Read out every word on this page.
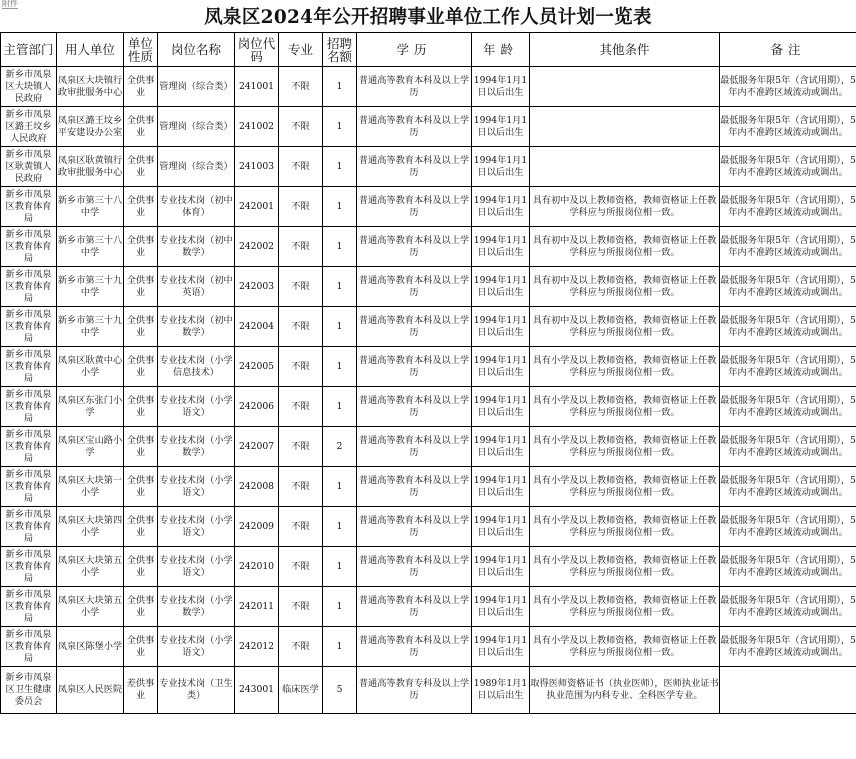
附件
凤泉区2024年公开招聘事业单位工作人员计划一览表
主管部门	用人单位	单位性质	岗位名称	岗位代码	专业	招聘名额	学历	年龄	其他条件	备注
新乡市凤泉区大块镇人民政府	凤泉区大块镇行政审批服务中心	全供事业	管理岗（综合类）	241001	不限	1	普通高等教育本科及以上学历	1994年1月1日以后出生		最低服务年限5年（含试用期），5年内不准跨区域流动或调出。
新乡市凤泉区潞王坟乡人民政府	凤泉区潞王坟乡平安建设办公室	全供事业	管理岗（综合类）	241002	不限	1	普通高等教育本科及以上学历	1994年1月1日以后出生		最低服务年限5年（含试用期），5年内不准跨区域流动或调出。
新乡市凤泉区耿黄镇人民政府	凤泉区耿黄镇行政审批服务中心	全供事业	管理岗（综合类）	241003	不限	1	普通高等教育本科及以上学历	1994年1月1日以后出生		最低服务年限5年（含试用期），5年内不准跨区域流动或调出。
新乡市凤泉区教育体育局	新乡市第三十八中学	全供事业	专业技术岗（初中体育）	242001	不限	1	普通高等教育本科及以上学历	1994年1月1日以后出生	具有初中及以上教师资格，教师资格证上任教学科应与所报岗位相一致。	最低服务年限5年（含试用期），5年内不准跨区域流动或调出。
新乡市凤泉区教育体育局	新乡市第三十八中学	全供事业	专业技术岗（初中数学）	242002	不限	1	普通高等教育本科及以上学历	1994年1月1日以后出生	具有初中及以上教师资格，教师资格证上任教学科应与所报岗位相一致。	最低服务年限5年（含试用期），5年内不准跨区域流动或调出。
新乡市凤泉区教育体育局	新乡市第三十九中学	全供事业	专业技术岗（初中英语）	242003	不限	1	普通高等教育本科及以上学历	1994年1月1日以后出生	具有初中及以上教师资格，教师资格证上任教学科应与所报岗位相一致。	最低服务年限5年（含试用期），5年内不准跨区域流动或调出。
新乡市凤泉区教育体育局	新乡市第三十九中学	全供事业	专业技术岗（初中数学）	242004	不限	1	普通高等教育本科及以上学历	1994年1月1日以后出生	具有初中及以上教师资格，教师资格证上任教学科应与所报岗位相一致。	最低服务年限5年（含试用期），5年内不准跨区域流动或调出。
新乡市凤泉区教育体育局	凤泉区耿黄中心小学	全供事业	专业技术岗（小学信息技术）	242005	不限	1	普通高等教育本科及以上学历	1994年1月1日以后出生	具有小学及以上教师资格，教师资格证上任教学科应与所报岗位相一致。	最低服务年限5年（含试用期），5年内不准跨区域流动或调出。
新乡市凤泉区教育体育局	凤泉区东张门小学	全供事业	专业技术岗（小学语文）	242006	不限	1	普通高等教育本科及以上学历	1994年1月1日以后出生	具有小学及以上教师资格，教师资格证上任教学科应与所报岗位相一致。	最低服务年限5年（含试用期），5年内不准跨区域流动或调出。
新乡市凤泉区教育体育局	凤泉区宝山路小学	全供事业	专业技术岗（小学数学）	242007	不限	2	普通高等教育本科及以上学历	1994年1月1日以后出生	具有小学及以上教师资格，教师资格证上任教学科应与所报岗位相一致。	最低服务年限5年（含试用期），5年内不准跨区域流动或调出。
新乡市凤泉区教育体育局	凤泉区大块第一小学	全供事业	专业技术岗（小学语文）	242008	不限	1	普通高等教育本科及以上学历	1994年1月1日以后出生	具有小学及以上教师资格，教师资格证上任教学科应与所报岗位相一致。	最低服务年限5年（含试用期），5年内不准跨区域流动或调出。
新乡市凤泉区教育体育局	凤泉区大块第四小学	全供事业	专业技术岗（小学语文）	242009	不限	1	普通高等教育本科及以上学历	1994年1月1日以后出生	具有小学及以上教师资格，教师资格证上任教学科应与所报岗位相一致。	最低服务年限5年（含试用期），5年内不准跨区域流动或调出。
新乡市凤泉区教育体育局	凤泉区大块第五小学	全供事业	专业技术岗（小学语文）	242010	不限	1	普通高等教育本科及以上学历	1994年1月1日以后出生	具有小学及以上教师资格，教师资格证上任教学科应与所报岗位相一致。	最低服务年限5年（含试用期），5年内不准跨区域流动或调出。
新乡市凤泉区教育体育局	凤泉区大块第五小学	全供事业	专业技术岗（小学数学）	242011	不限	1	普通高等教育本科及以上学历	1994年1月1日以后出生	具有小学及以上教师资格，教师资格证上任教学科应与所报岗位相一致。	最低服务年限5年（含试用期），5年内不准跨区域流动或调出。
新乡市凤泉区教育体育局	凤泉区陈堡小学	全供事业	专业技术岗（小学语文）	242012	不限	1	普通高等教育本科及以上学历	1994年1月1日以后出生	具有小学及以上教师资格，教师资格证上任教学科应与所报岗位相一致。	最低服务年限5年（含试用期），5年内不准跨区域流动或调出。
新乡市凤泉区卫生健康委员会	凤泉区人民医院	差供事业	专业技术岗（卫生类）	243001	临床医学	5	普通高等教育专科及以上学历	1989年1月1日以后出生	取得医师资格证书（执业医师），医师执业证书执业范围为内科专业、全科医学专业。	
